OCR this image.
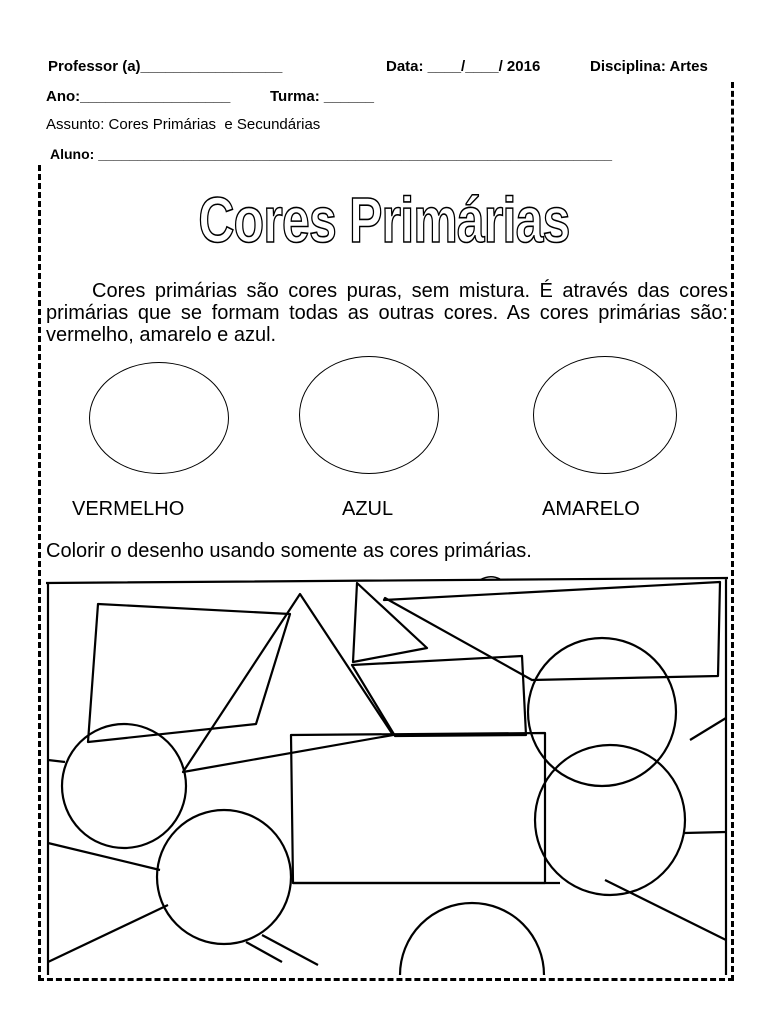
Professor (a)_________________	Data: ____/____/ 2016	Disciplina: Artes
Ano:__________________	Turma: ______
Assunto: Cores Primárias  e Secundárias
Aluno: __________________________________________________________________
Cores Primárias
Cores primárias são cores puras, sem mistura. É através das cores primárias que se formam todas as outras cores. As cores primárias são: vermelho, amarelo e azul.
VERMELHO	AZUL	AMARELO
Colorir o desenho usando somente as cores primárias.
